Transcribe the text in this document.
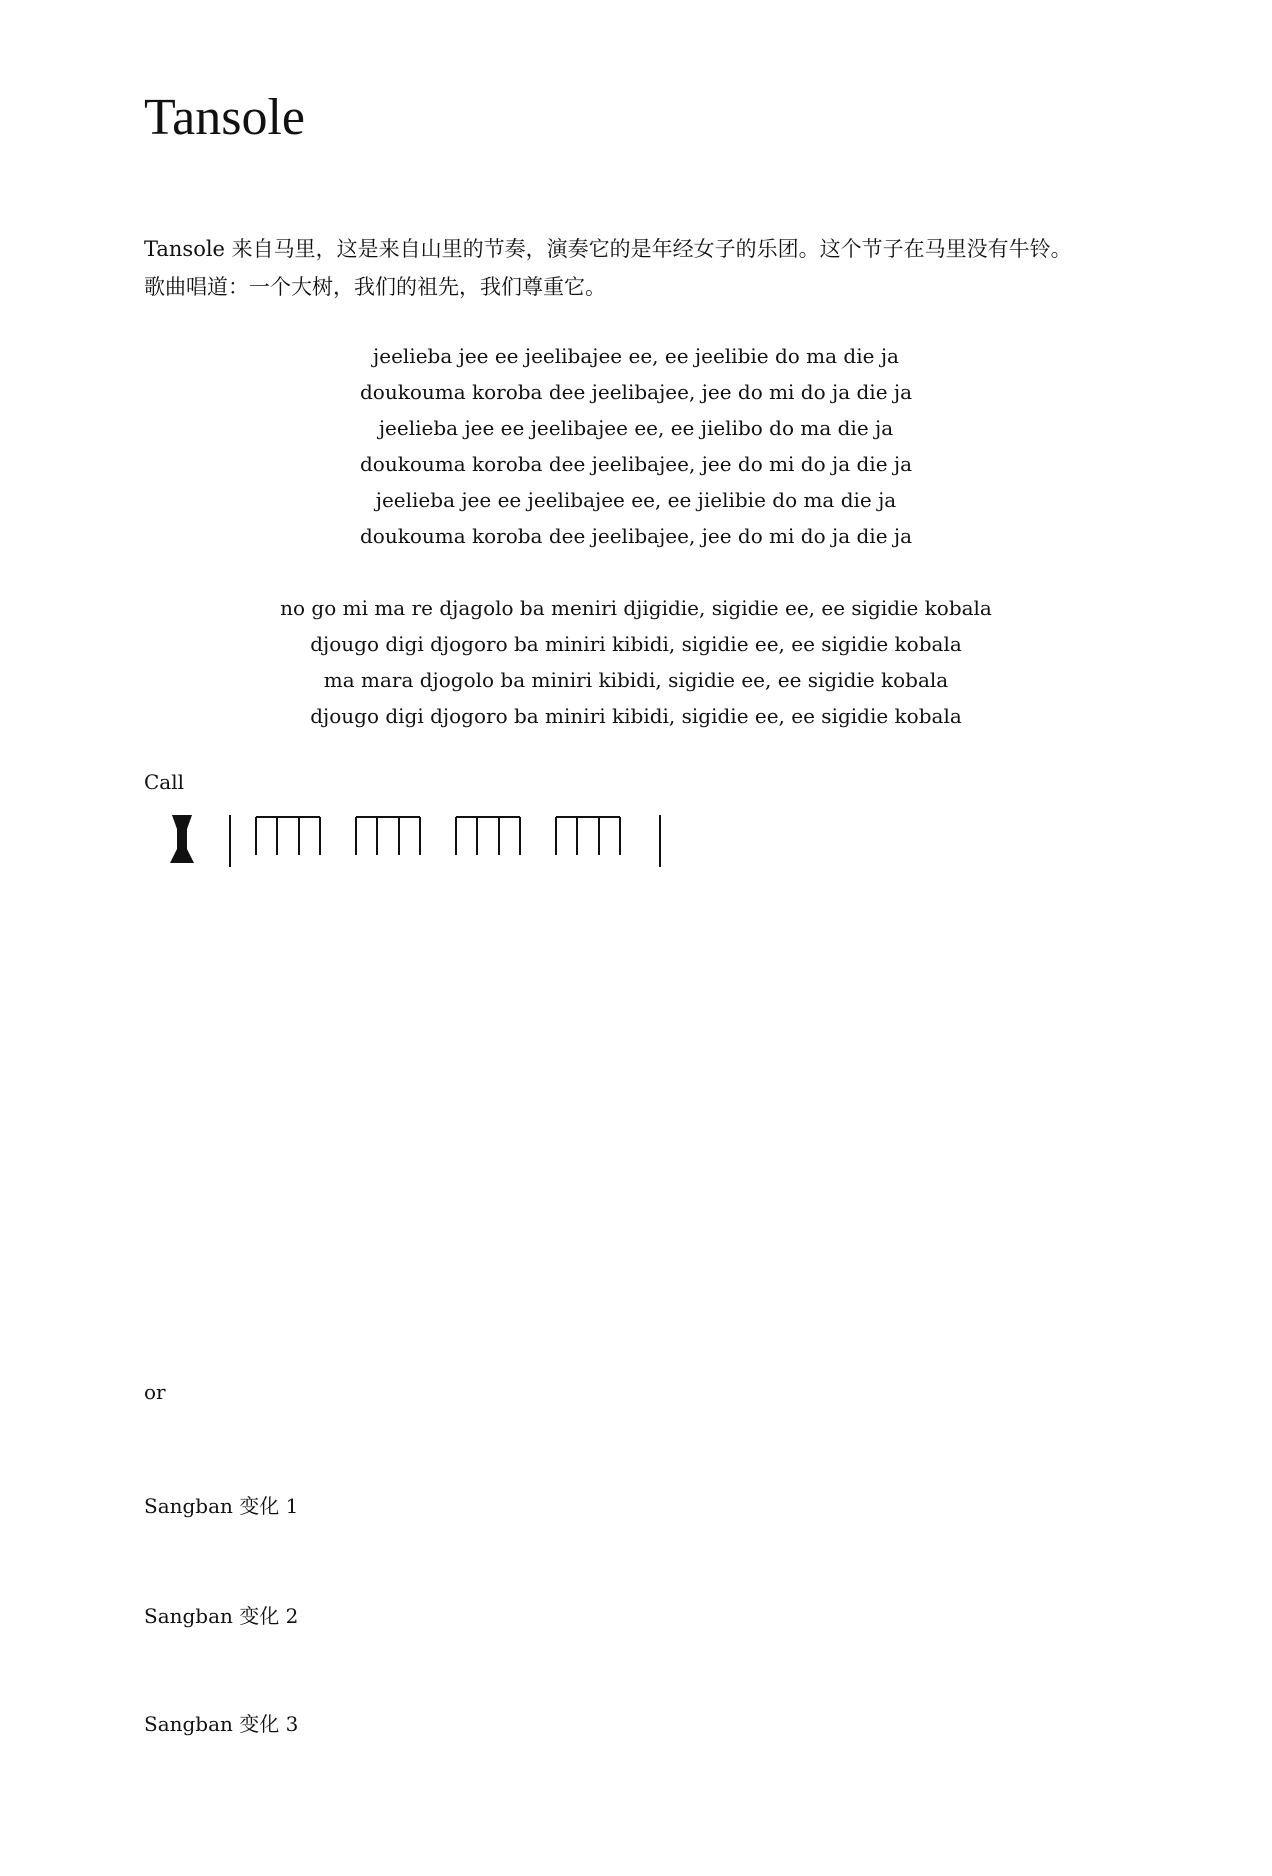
Tansole
Tansole 来自马里，这是来自山里的节奏，演奏它的是年经女子的乐团。这个节子在马里没有牛铃。
歌曲唱道：一个大树，我们的祖先，我们尊重它。
jeelieba jee ee jeelibajee ee, ee jeelibie do ma die ja
doukouma koroba dee jeelibajee, jee do mi do ja die ja
jeelieba jee ee jeelibajee ee, ee jielibo do ma die ja
doukouma koroba dee jeelibajee, jee do mi do ja die ja
jeelieba jee ee jeelibajee ee, ee jielibie do ma die ja
doukouma koroba dee jeelibajee, jee do mi do ja die ja
no go mi ma re djagolo ba meniri djigidie, sigidie ee, ee sigidie kobala
djougo digi djogoro ba miniri kibidi, sigidie ee, ee sigidie kobala
ma mara djogolo ba miniri kibidi, sigidie ee, ee sigidie kobala
djougo digi djogoro ba miniri kibidi, sigidie ee, ee sigidie kobala
Call
or
Sangban 变化 1
Sangban 变化 2
Sangban 变化 3
